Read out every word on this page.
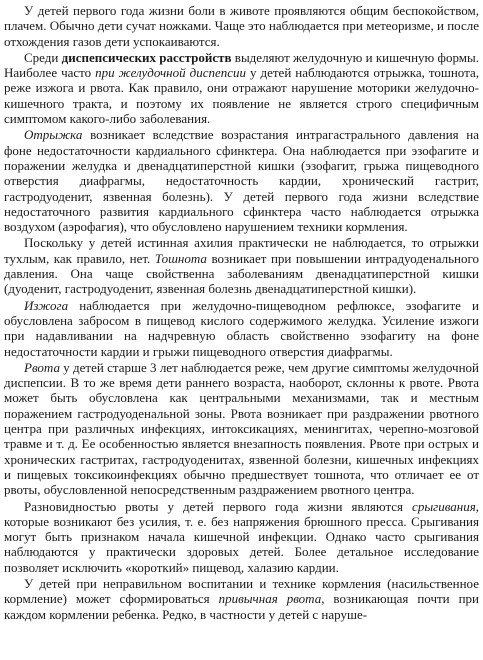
У детей первого года жизни боли в животе проявляются общим беспокойством, плачем. Обычно дети сучат ножками. Чаще это наблюдается при метеоризме, и после отхождения газов дети успокаиваются.

Среди диспепсических расстройств выделяют желудочную и кишечную формы. Наиболее часто при желудочной диспепсии у детей наблюдаются отрыжка, тошнота, реже изжога и рвота. Как правило, они отражают нарушение моторики желудочно-кишечного тракта, и поэтому их появление не является строго специфичным симптомом какого-либо заболевания.

Отрыжка возникает вследствие возрастания интрагастрального давления на фоне недостаточности кардиального сфинктера. Она наблюдается при эзофагите и поражении желудка и двенадцатиперстной кишки (эзофагит, грыжа пищеводного отверстия диафрагмы, недостаточность кардии, хронический гастрит, гастродуоденит, язвенная болезнь). У детей первого года жизни вследствие недостаточного развития кардиального сфинктера часто наблюдается отрыжка воздухом (аэрофагия), что обусловлено нарушением техники кормления.

Поскольку у детей истинная ахилия практически не наблюдается, то отрыжки тухлым, как правило, нет. Тошнота возникает при повышении интрадуоденального давления. Она чаще свойственна заболеваниям двенадцатиперстной кишки (дуоденит, гастродуоденит, язвенная болезнь двенадцатиперстной кишки).

Изжога наблюдается при желудочно-пищеводном рефлюксе, эзофагите и обусловлена забросом в пищевод кислого содержимого желудка. Усиление изжоги при надавливании на надчревную область свойственно эзофагиту на фоне недостаточности кардии и грыжи пищеводного отверстия диафрагмы.

Рвота у детей старше 3 лет наблюдается реже, чем другие симптомы желудочной диспепсии. В то же время дети раннего возраста, наоборот, склонны к рвоте. Рвота может быть обусловлена как центральными механизмами, так и местным поражением гастродуоденальной зоны. Рвота возникает при раздражении рвотного центра при различных инфекциях, интоксикациях, менингитах, черепно-мозговой травме и т. д. Ее особенностью является внезапность появления. Рвоте при острых и хронических гастритах, гастродуоденитах, язвенной болезни, кишечных инфекциях и пищевых токсикоинфекциях обычно предшествует тошнота, что отличает ее от рвоты, обусловленной непосредственным раздражением рвотного центра.

Разновидностью рвоты у детей первого года жизни являются срыгивания, которые возникают без усилия, т. е. без напряжения брюшного пресса. Срыгивания могут быть признаком начала кишечной инфекции. Однако часто срыгивания наблюдаются у практически здоровых детей. Более детальное исследование позволяет исключить «короткий» пищевод, халазию кардии.

У детей при неправильном воспитании и технике кормления (насильственное кормление) может сформироваться привычная рвота, возникающая почти при каждом кормлении ребенка. Редко, в частности у детей с наруше-
